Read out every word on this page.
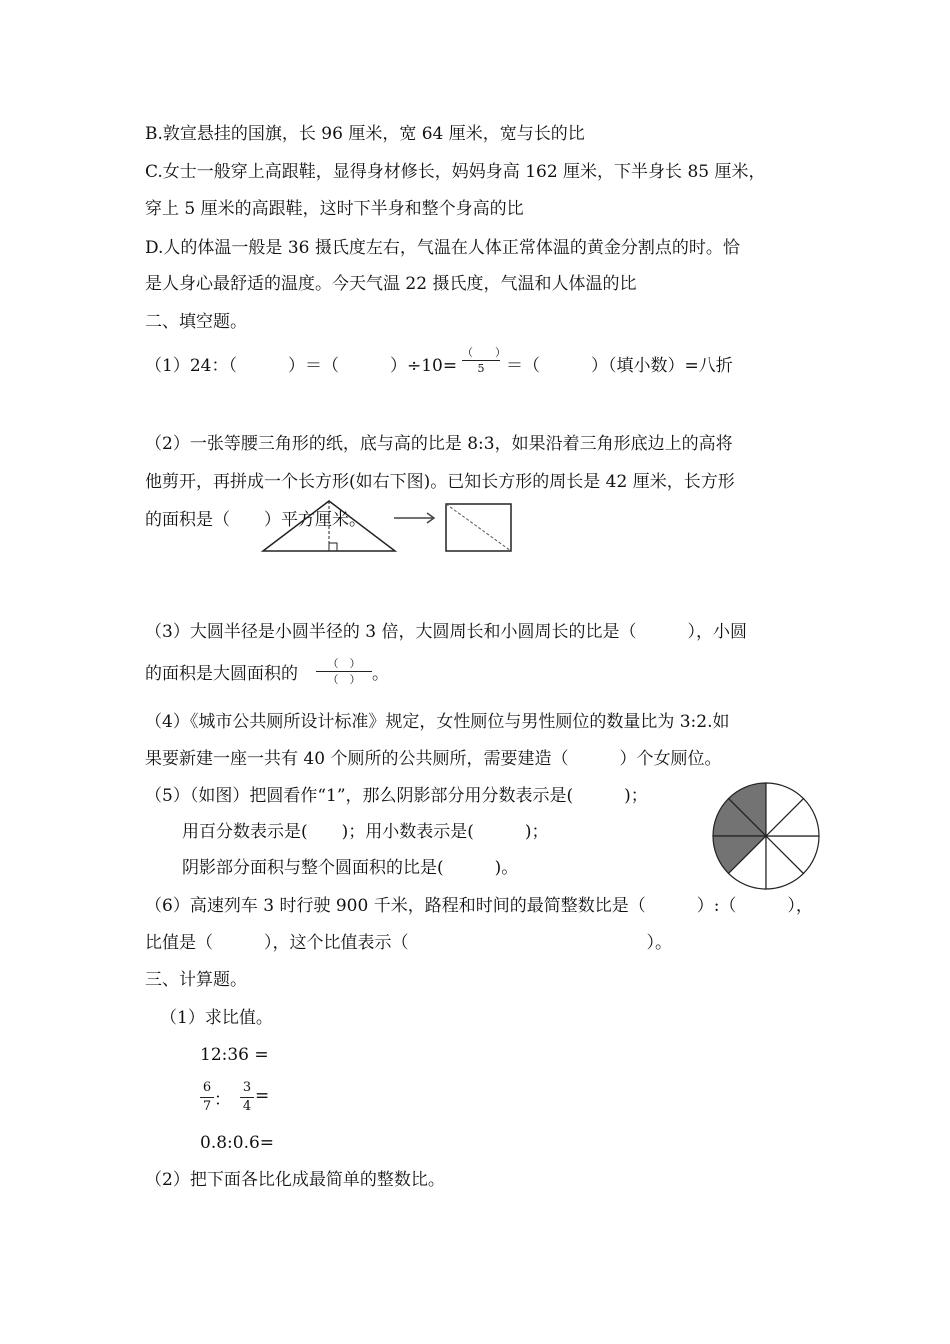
B.敦宣悬挂的国旗，长 96 厘米，宽 64 厘米，宽与长的比
C.女士一般穿上高跟鞋，显得身材修长，妈妈身高 162 厘米，下半身长 85 厘米，
穿上 5 厘米的高跟鞋，这时下半身和整个身高的比
D.人的体温一般是 36 摄氏度左右，气温在人体正常体温的黄金分割点的时。恰
是人身心最舒适的温度。今天气温 22 摄氏度，气温和人体温的比
二、填空题。
（1）24：（　　　）＝（　　　）÷10=
（　　）
5	＝（　　　）（填小数）=八折
（2）一张等腰三角形的纸，底与高的比是 8:3，如果沿着三角形底边上的高将
他剪开，再拼成一个长方形(如右下图)。已知长方形的周长是 42 厘米，长方形
的面积是（　　）平方厘米。
（3）大圆半径是小圆半径的 3 倍，大圆周长和小圆周长的比是（　　　），小圆
的面积是大圆面积的
（　）
（　） 。
（4）《城市公共厕所设计标准》规定，女性厕位与男性厕位的数量比为 3:2.如
果要新建一座一共有 40 个厕所的公共厕所，需要建造（　　　）个女厕位。
（5）（如图）把圆看作“1”，那么阴影部分用分数表示是(　　　)；
用百分数表示是(　　)；用小数表示是(　　　)；
阴影部分面积与整个圆面积的比是(　　　)。
（6）高速列车 3 时行驶 900 千米，路程和时间的最简整数比是（　　　）:（　　　），
比值是（　　　），这个比值表示（　　　　　　　　　　　　　　）。
三、计算题。
（1）求比值。
12:36 =
6
7 ：
3
4
=
0.8:0.6=
（2）把下面各比化成最简单的整数比。
